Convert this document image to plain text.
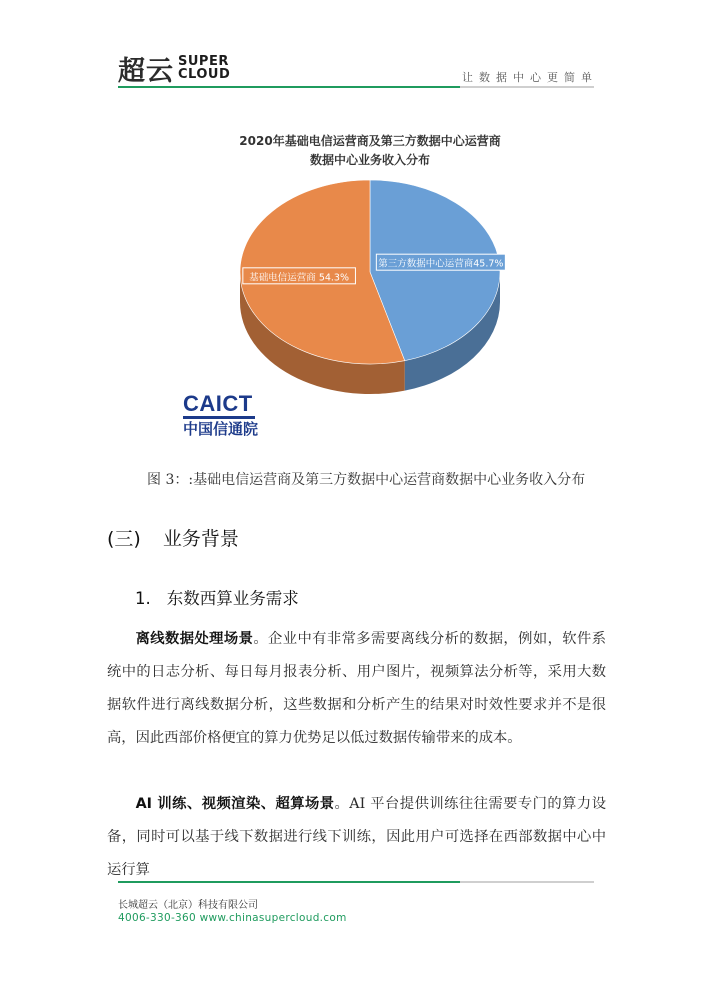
超云 SUPER
CLOUD	让数据中心更简单
2020年基础电信运营商及第三方数据中心运营商
数据中心业务收入分布
第三方数据中心运营商45.7%
基础电信运营商 54.3%
CAICT
中国信通院
图 3：:基础电信运营商及第三方数据中心运营商数据中心业务收入分布
(三) 业务背景
1. 东数西算业务需求

离线数据处理场景。企业中有非常多需要离线分析的数据，例如，软件系统中的日志分析、每日每月报表分析、用户图片，视频算法分析等，采用大数据软件进行离线数据分析，这些数据和分析产生的结果对时效性要求并不是很高，因此西部价格便宜的算力优势足以低过数据传输带来的成本。

AI 训练、视频渲染、超算场景。AI 平台提供训练往往需要专门的算力设备，同时可以基于线下数据进行线下训练，因此用户可选择在西部数据中心中运行算

长城超云（北京）科技有限公司
4006-330-360 www.chinasupercloud.com
